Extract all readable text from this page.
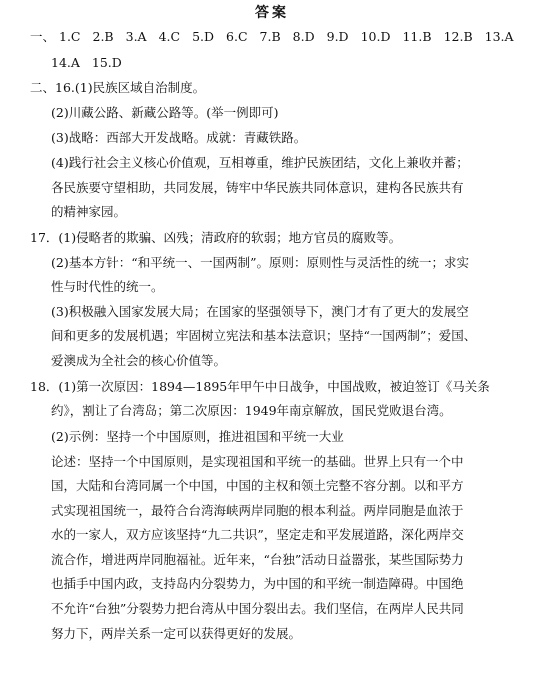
答案
一、 1.C 2.B 3.A 4.C 5.D 6.C 7.B 8.D 9.D 10.D 11.B 12.B 13.A
14.A 15.D
二、16.(1)民族区域自治制度。
(2)川藏公路、新藏公路等。(举一例即可)
(3)战略：西部大开发战略。成就：青藏铁路。
(4)践行社会主义核心价值观，互相尊重，维护民族团结，文化上兼收并蓄；
各民族要守望相助，共同发展，铸牢中华民族共同体意识，建构各民族共有
的精神家园。
17．(1)侵略者的欺骗、凶残；清政府的软弱；地方官员的腐败等。
(2)基本方针：“和平统一、一国两制”。原则：原则性与灵活性的统一；求实
性与时代性的统一。
(3)积极融入国家发展大局；在国家的坚强领导下，澳门才有了更大的发展空
间和更多的发展机遇；牢固树立宪法和基本法意识；坚持“一国两制”；爱国、
爱澳成为全社会的核心价值等。
18．(1)第一次原因：1894—1895年甲午中日战争，中国战败，被迫签订《马关条
约》，割让了台湾岛；第二次原因：1949年南京解放，国民党败退台湾。
(2)示例：坚持一个中国原则，推进祖国和平统一大业
论述：坚持一个中国原则，是实现祖国和平统一的基础。世界上只有一个中
国，大陆和台湾同属一个中国，中国的主权和领土完整不容分割。以和平方
式实现祖国统一，最符合台湾海峡两岸同胞的根本利益。两岸同胞是血浓于
水的一家人，双方应该坚持“九二共识”，坚定走和平发展道路，深化两岸交
流合作，增进两岸同胞福祉。近年来，“台独”活动日益嚣张，某些国际势力
也插手中国内政，支持岛内分裂势力，为中国的和平统一制造障碍。中国绝
不允许“台独”分裂势力把台湾从中国分裂出去。我们坚信，在两岸人民共同
努力下，两岸关系一定可以获得更好的发展。
